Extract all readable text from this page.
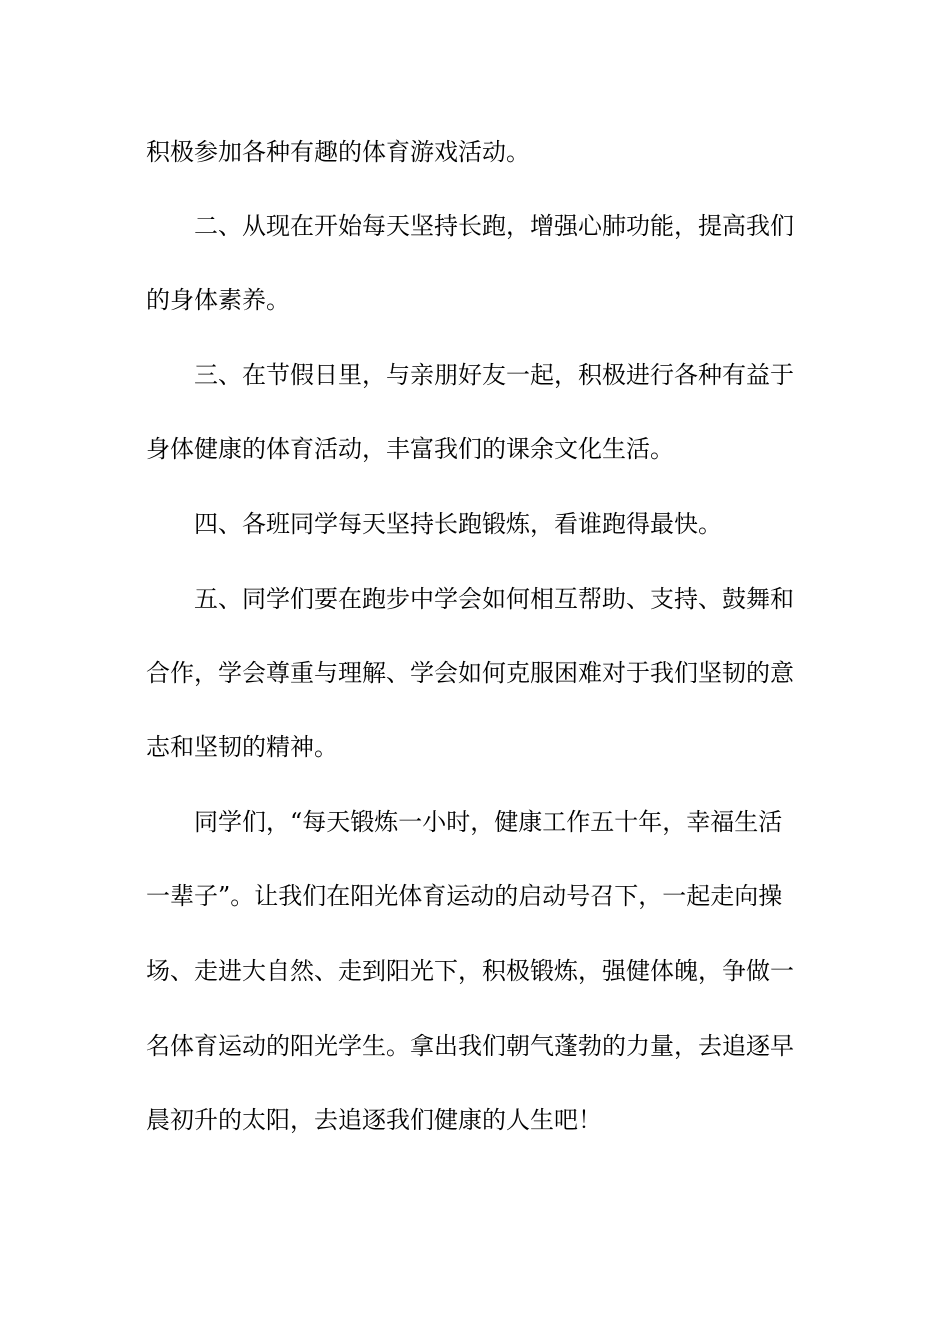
积极参加各种有趣的体育游戏活动。
二、从现在开始每天坚持长跑，增强心肺功能，提高我们
的身体素养。
三、在节假日里，与亲朋好友一起，积极进行各种有益于
身体健康的体育活动，丰富我们的课余文化生活。
四、各班同学每天坚持长跑锻炼，看谁跑得最快。
五、同学们要在跑步中学会如何相互帮助、支持、鼓舞和
合作，学会尊重与理解、学会如何克服困难对于我们坚韧的意
志和坚韧的精神。
同学们，“每天锻炼一小时，健康工作五十年，幸福生活
一辈子”。让我们在阳光体育运动的启动号召下，一起走向操
场、走进大自然、走到阳光下，积极锻炼，强健体魄，争做一
名体育运动的阳光学生。拿出我们朝气蓬勃的力量，去追逐早
晨初升的太阳，去追逐我们健康的人生吧！
